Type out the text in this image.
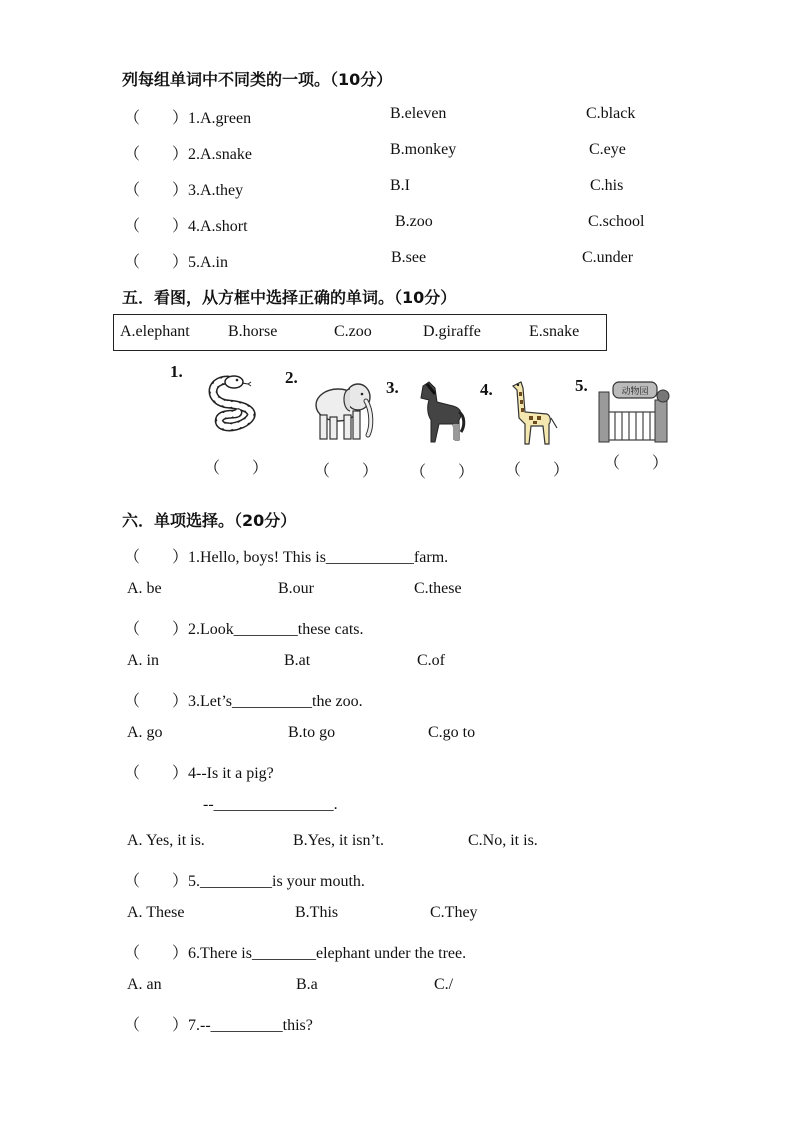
列每组单词中不同类的一项。（10分）
（　　）1.A.green	B.eleven	C.black
（　　）2.A.snake	B.monkey	C.eye
（　　）3.A.they	B.I	C.his
（　　）4.A.short	B.zoo	C.school
（　　）5.A.in	B.see	C.under
五．看图，从方框中选择正确的单词。（10分）
A.elephant B.horse	C.zoo	D.giraffe	E.snake
1.	2.
3.	4.	5.	动物园
（　　）	（　　） （　　） （　　） （　　）
六．单项选择。（20分）
（　　）1.Hello, boys! This is___________farm.
A. be	B.our	C.these
（　　）2.Look________these cats.
A. in	B.at	C.of
（　　）3.Let’s__________the zoo.
A. go	B.to go	C.go to
（　　）4--Is it a pig?
--_______________.
A. Yes, it is.	B.Yes, it isn’t.	C.No, it is.
（　　）5._________is your mouth.
A. These	B.This	C.They
（　　）6.There is________elephant under the tree.
A. an	B.a	C./
（　　）7.--_________this?
